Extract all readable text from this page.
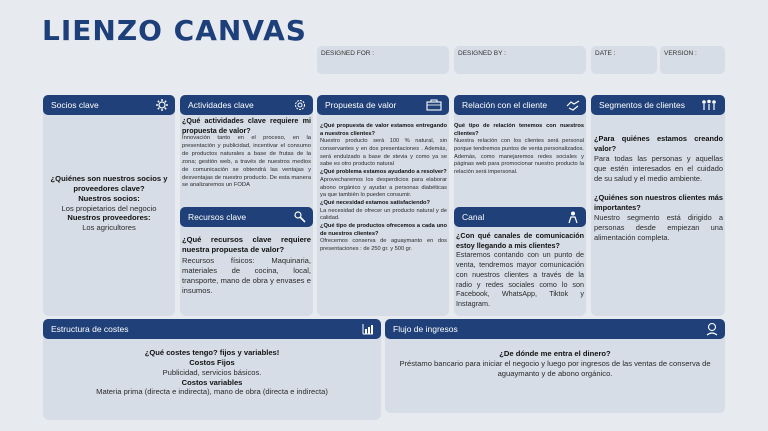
LIENZO CANVAS
DESIGNED FOR :	DESIGNED BY :	DATE :	VERSION :
Socios clave
¿Quiénes son nuestros socios y proveedores clave?
Nuestros socios:
Los propietarios del negocio
Nuestros proveedores:
Los agricultores
Actividades clave
¿Qué actividades clave requiere mi propuesta de valor?
Innovación tanto en el proceso, en la presentación y publicidad, incentivar el consumo de productos naturales a base de frutas de la zona; gestión web, a través de nuestros medios de comunicación se obtendrá las ventajas y desventajas de nuestro producto. De esta manera se analizaremos un FODA
Recursos clave
¿Qué recursos clave requiere nuestra propuesta de valor?
Recursos físicos: Maquinaria, materiales de cocina, local, transporte, mano de obra y envases e insumos.
Propuesta de valor
¿Qué propuesta de valor estamos entregando a nuestros clientes?
Nuestro producto será 100 % natural, sin conservantes y en dos presentaciones . Además, será endulzado a base de stevia y como ya se sabe es otro producto natural
¿Qué problema estamos ayudando a resolver?
Aprovecharemos los desperdicios para elaborar abono orgánico y ayudar a personas diabéticas ya que también lo pueden consumir.
¿Qué necesidad estamos satisfaciendo?
La necesidad de ofrecer un producto natural y de calidad.
¿Qué tipo de productos ofrecemos a cada uno de nuestros clientes?
Ofrecemos conserva de aguaymanto en dos presentaciones : de 250 gr. y 500 gr.
Relación con el cliente
Qué tipo de relación tenemos con nuestros clientes?
Nuestra relación con los clientes será personal porque tendremos puntos de venta personalizados. Además, como manejaremos redes sociales y páginas web para promocionar nuestro producto la relación será impersonal.
Canal
¿Con qué canales de comunicación estoy llegando a mis clientes?
Estaremos contando con un punto de venta, tendremos mayor comunicación con nuestros clientes a través de la radio y redes sociales como lo son Facebook, WhatsApp, Tiktok y Instagram.
Segmentos de clientes
¿Para quiénes estamos creando valor?
Para todas las personas y aquellas que estén interesados en el cuidado de su salud y el medio ambiente.
¿Quiénes son nuestros clientes más importantes?
Nuestro segmento está dirigido a personas desde empiezan una alimentación completa.
Estructura de costes
¿Qué costes tengo? fijos y variables!
Costos Fijos
Publicidad, servicios básicos.
Costos variables
Materia prima (directa e indirecta), mano de obra (directa e indirecta)
Flujo de ingresos
¿De dónde me entra el dinero?
Préstamo bancario para iniciar el negocio y luego por ingresos de las ventas de conserva de aguaymanto y de abono orgánico.
